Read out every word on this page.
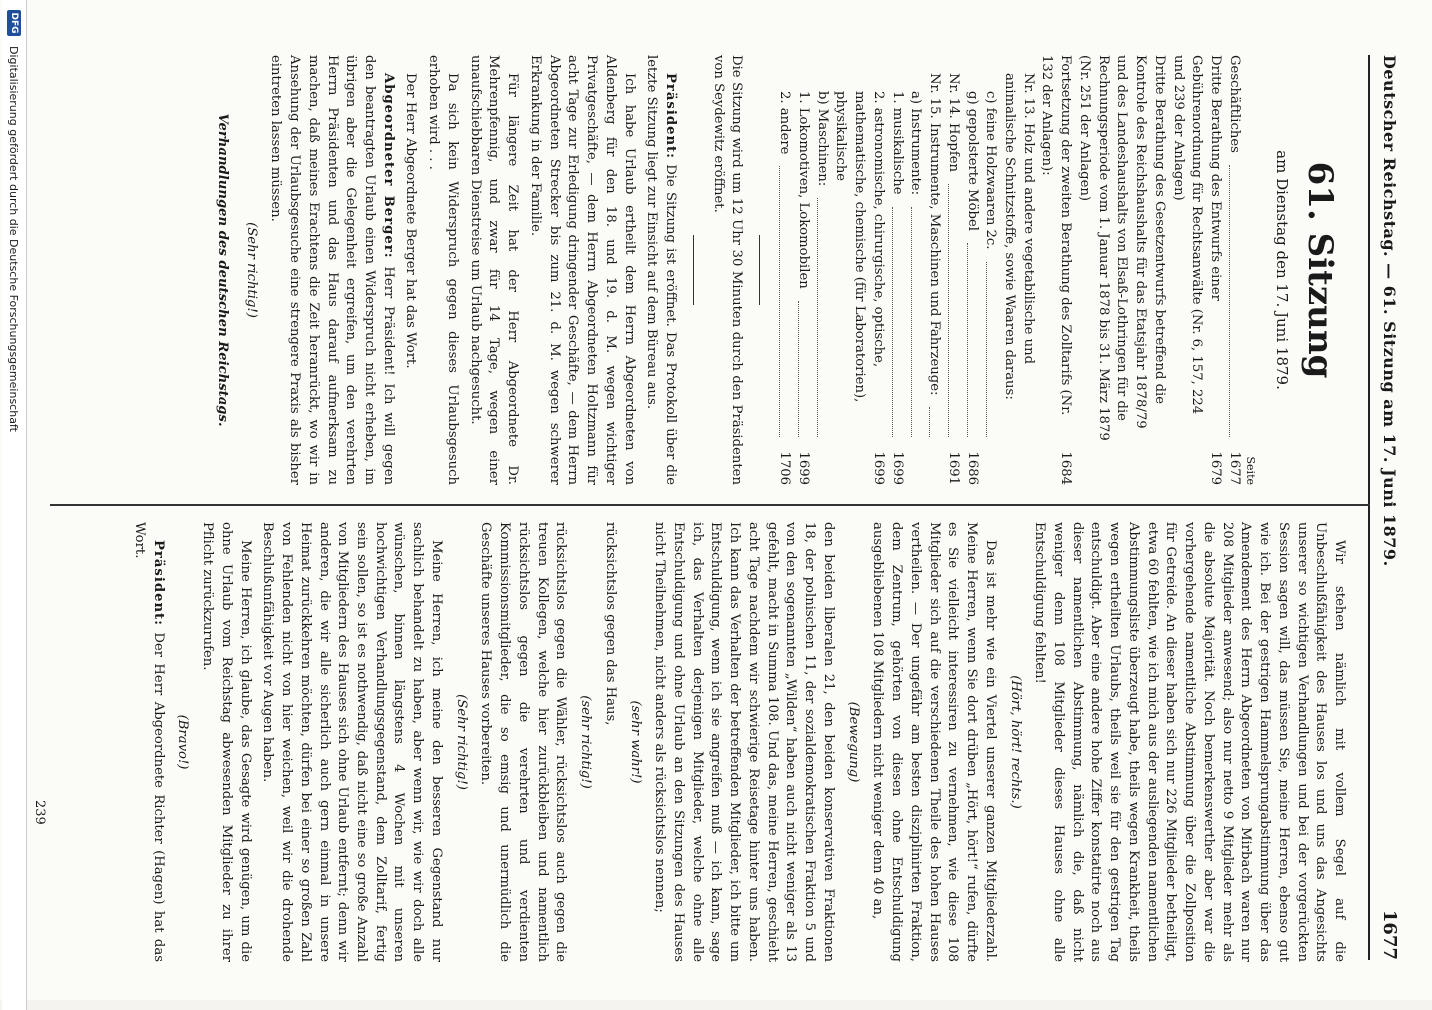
Deutscher Reichstag. — 61. Sitzung am 17. Juni 1879.
1677
61. Sitzung
am Dienstag den 17. Juni 1879.
Seite
Geschäftliches
1677
Dritte Berathung des Entwurfs einer Gebührenordnung für Rechtsanwälte (Nr. 6, 157, 224 und 239 der Anlagen)
1679
Dritte Berathung des Gesetzentwurfs betreffend die Kontrole des Reichshaushalts für das Etatsjahr 1878/79 und des Landeshaushalts von Elsaß-Lothringen für die Rechnungsperiode vom 1. Januar 1878 bis 31. März 1879 (Nr. 251 der Anlagen)
Fortsetzung der zweiten Berathung des Zolltarifs (Nr. 132 der Anlagen):
1684
Nr. 13. Holz und andere vegetabilische und animalische Schnitzstoffe, sowie Waaren daraus:
c) feine Holzwaaren 2c.
g) gepolsterte Möbel
1686
Nr. 14. Hopfen
1691
Nr. 15. Instrumente, Maschinen und Fahrzeuge:
a) Instrumente:
1. musikalische
1699
2. astronomische, chirurgische, optische, mathematische, chemische (für Laboratorien), physikalische
1699
b) Maschinen:
1. Lokomotiven, Lokomobilen
1699
2. andere
1706

Die Sitzung wird um 12 Uhr 30 Minuten durch den Präsidenten von Seydewitz eröffnet.

Präsident: Die Sitzung ist eröffnet. Das Protokoll über die letzte Sitzung liegt zur Einsicht auf dem Büreau aus.

Ich habe Urlaub ertheilt dem Herrn Abgeordneten von Aldenberg für den 18. und 19. d. M. wegen wichtiger Privatgeschäfte, — dem Herrn Abgeordneten Holtzmann für acht Tage zur Erledigung dringender Geschäfte, — dem Herrn Abgeordneten Strecker bis zum 21. d. M. wegen schwerer Erkrankung in der Familie.

Für längere Zeit hat der Herr Abgeordnete Dr. Mehrenpfennig, und zwar für 14 Tage, wegen einer unaufschiebbaren Dienstreise um Urlaub nachgesucht.

Da sich kein Widerspruch gegen dieses Urlaubsgesuch erhoben wird . . .

Der Herr Abgeordnete Berger hat das Wort.

Abgeordneter Berger: Herr Präsident! Ich will gegen den beantragten Urlaub einen Widerspruch nicht erheben, im übrigen aber die Gelegenheit ergreifen, um den verehrten Herrn Präsidenten und das Haus darauf aufmerksam zu machen, daß meines Erachtens die Zeit heranrückt, wo wir in Ansehung der Urlaubsgesuche eine strengere Praxis als bisher eintreten lassen müssen.

(Sehr richtig!)
Verhandlungen des deutschen Reichstags.

Wir stehen nämlich mit vollem Segel auf die Unbeschlußfähigkeit des Hauses los und uns das Angesichts unserer so wichtigen Verhandlungen und bei der vorgerückten Session sagen will, das müssen Sie, meine Herren, ebenso gut wie ich. Bei der gestrigen Hammelsprungabstimmung über das Amendement des Herrn Abgeordneten von Mirbach waren nur 208 Mitglieder anwesend; also nur netto 9 Mitglieder mehr als die absolute Majorität. Noch bemerkenswerther aber war die vorhergehende namentliche Abstimmung über die Zollposition für Getreide. An dieser haben sich nur 226 Mitglieder betheiligt, etwa 60 fehlten, wie ich mich aus der ausliegenden namentlichen Abstimmungsliste überzeugt habe, theils wegen Krankheit, theils wegen ertheilten Urlaubs, theils weil sie für den gestrigen Tag entschuldigt. Aber eine andere hohe Ziffer konstatirte noch aus dieser namentlichen Abstimmung, nämlich die, daß nicht weniger denn 108 Mitglieder dieses Hauses ohne alle Entschuldigung fehlten!

(Hört, hört! rechts.)

Das ist mehr wie ein Viertel unserer ganzen Mitgliederzahl. Meine Herren, wenn Sie dort drüben „Hört, hört!“ rufen, dürfte es Sie vielleicht interessiren zu vernehmen, wie diese 108 Mitglieder sich auf die verschiedenen Theile des hohen Hauses vertheilen. — Der ungefähr am besten disziplinirten Fraktion, dem Zentrum, gehörten von diesen ohne Entschuldigung ausgebliebenen 108 Mitgliedern nicht weniger denn 40 an,

(Bewegung)

den beiden liberalen 21, den beiden konservativen Fraktionen 18, der polnischen 11, der sozialdemokratischen Fraktion 5 und von den sogenannten „Wilden“ haben auch nicht weniger als 13 gefehlt, macht in Summa 108. Und das, meine Herren, geschieht acht Tage nachdem wir schwierige Reisetage hinter uns haben. Ich kann das Verhalten der betreffenden Mitglieder, ich bitte um Entschuldigung, wenn ich sie angreifen muß — ich kann, sage ich, das Verhalten derjenigen Mitglieder, welche ohne alle Entschuldigung und ohne Urlaub an den Sitzungen des Hauses nicht Theilnehmen, nicht anders als rücksichtslos nennen;

(sehr wahr!)

rücksichtslos gegen das Haus,

(sehr richtig!)

rücksichtslos gegen die Wähler, rücksichtslos auch gegen die treuen Kollegen, welche hier zurückbleiben und namentlich rücksichtslos gegen die verehrten und verdienten Kommissionsmitglieder, die so emsig und unermüdlich die Geschäfte unseres Hauses vorbereiten.

(Sehr richtig!)

Meine Herren, ich meine den besseren Gegenstand nur sachlich behandelt zu haben, aber wenn wir, wie wir doch alle wünschen, binnen längstens 4 Wochen mit unseren hochwichtigen Verhandlungsgegenstand, dem Zolltarif, fertig sein sollen, so ist es nothwendig, daß nicht eine so große Anzahl von Mitgliedern des Hauses sich ohne Urlaub entfernt; denn wir anderen, die wir alle sicherlich auch gern einmal in unsere Heimat zurückkehren möchten, dürfen bei einer so großen Zahl von Fehlenden nicht von hier weichen, weil wir die drohende Beschlußunfähigkeit vor Augen haben.

Meine Herren, ich glaube, das Gesagte wird genügen, um die ohne Urlaub vom Reichstag abwesenden Mitglieder zu ihrer Pflicht zurückzurufen.

(Bravo!)

Präsident: Der Herr Abgeordnete Richter (Hagen) hat das Wort.

239
DFG
Digitalisierung gefördert durch die Deutsche Forschungsgemeinschaft
